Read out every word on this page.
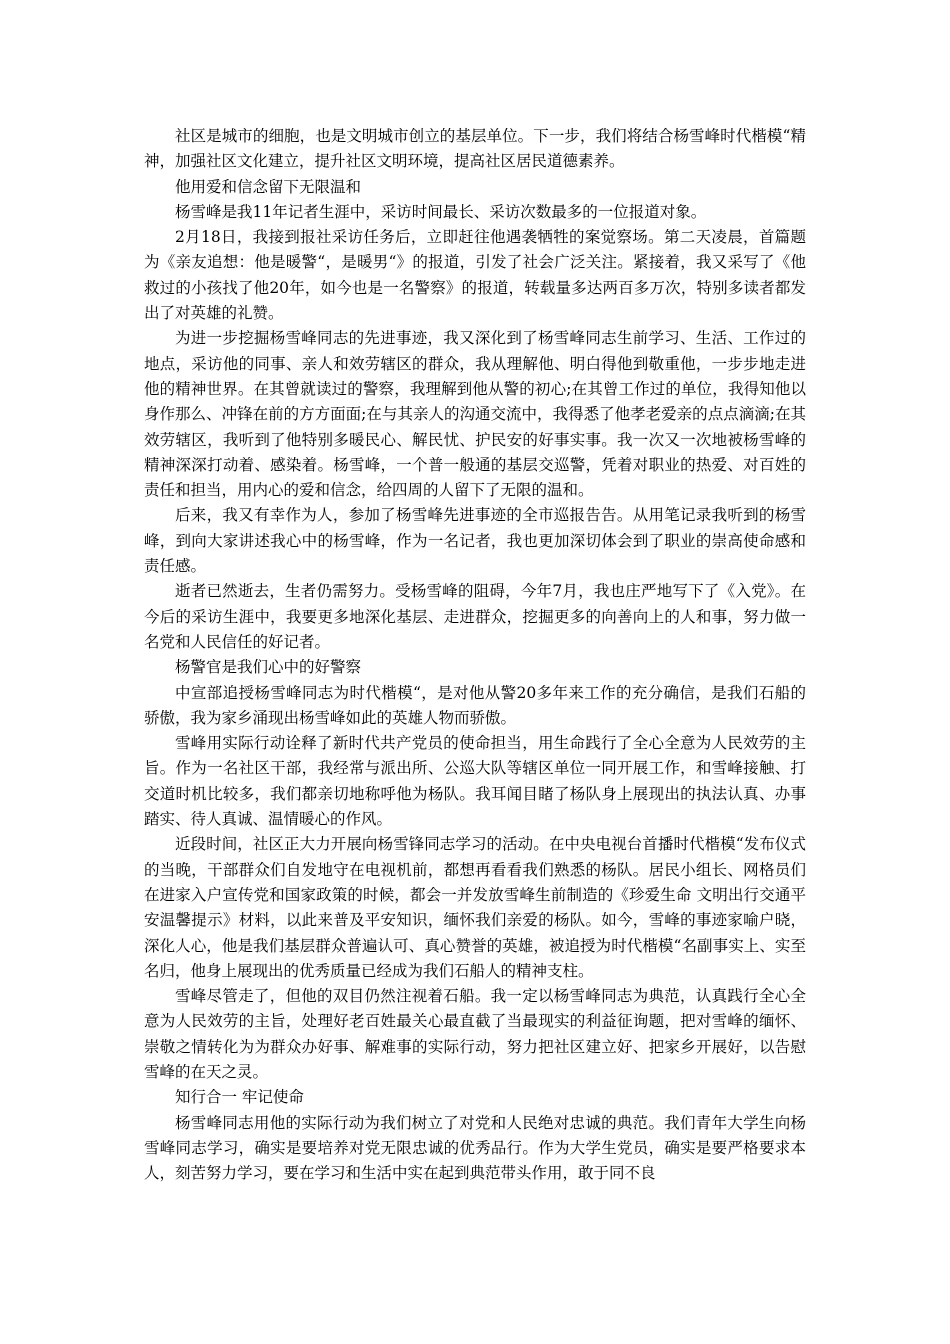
社区是城市的细胞，也是文明城市创立的基层单位。下一步，我们将结合杨雪峰时代楷模“精神，加强社区文化建立，提升社区文明环境，提高社区居民道德素养。

他用爱和信念留下无限温和

杨雪峰是我11年记者生涯中，采访时间最长、采访次数最多的一位报道对象。

2月18日，我接到报社采访任务后，立即赶往他遇袭牺牲的案觉察场。第二天凌晨，首篇题为《亲友追想：他是暖警“，是暖男“》的报道，引发了社会广泛关注。紧接着，我又采写了《他救过的小孩找了他20年，如今也是一名警察》的报道，转载量多达两百多万次，特别多读者都发出了对英雄的礼赞。

为进一步挖掘杨雪峰同志的先进事迹，我又深化到了杨雪峰同志生前学习、生活、工作过的地点，采访他的同事、亲人和效劳辖区的群众，我从理解他、明白得他到敬重他，一步步地走进他的精神世界。在其曾就读过的警察，我理解到他从警的初心;在其曾工作过的单位，我得知他以身作那么、冲锋在前的方方面面;在与其亲人的沟通交流中，我得悉了他孝老爱亲的点点滴滴;在其效劳辖区，我听到了他特别多暖民心、解民忧、护民安的好事实事。我一次又一次地被杨雪峰的精神深深打动着、感染着。杨雪峰，一个普一般通的基层交巡警，凭着对职业的热爱、对百姓的责任和担当，用内心的爱和信念，给四周的人留下了无限的温和。

后来，我又有幸作为人，参加了杨雪峰先进事迹的全市巡报告告。从用笔记录我听到的杨雪峰，到向大家讲述我心中的杨雪峰，作为一名记者，我也更加深切体会到了职业的崇高使命感和责任感。

逝者已然逝去，生者仍需努力。受杨雪峰的阻碍，今年7月，我也庄严地写下了《入党》。在今后的采访生涯中，我要更多地深化基层、走进群众，挖掘更多的向善向上的人和事，努力做一名党和人民信任的好记者。

杨警官是我们心中的好警察

中宣部追授杨雪峰同志为时代楷模“，是对他从警20多年来工作的充分确信，是我们石船的骄傲，我为家乡涌现出杨雪峰如此的英雄人物而骄傲。

雪峰用实际行动诠释了新时代共产党员的使命担当，用生命践行了全心全意为人民效劳的主旨。作为一名社区干部，我经常与派出所、公巡大队等辖区单位一同开展工作，和雪峰接触、打交道时机比较多，我们都亲切地称呼他为杨队。我耳闻目睹了杨队身上展现出的执法认真、办事踏实、待人真诚、温情暖心的作风。

近段时间，社区正大力开展向杨雪锋同志学习的活动。在中央电视台首播时代楷模“发布仪式的当晚，干部群众们自发地守在电视机前，都想再看看我们熟悉的杨队。居民小组长、网格员们在进家入户宣传党和国家政策的时候，都会一并发放雪峰生前制造的《珍爱生命 文明出行交通平安温馨提示》材料，以此来普及平安知识，缅怀我们亲爱的杨队。如今，雪峰的事迹家喻户晓，深化人心，他是我们基层群众普遍认可、真心赞誉的英雄，被追授为时代楷模“名副事实上、实至名归，他身上展现出的优秀质量已经成为我们石船人的精神支柱。

雪峰尽管走了，但他的双目仍然注视着石船。我一定以杨雪峰同志为典范，认真践行全心全意为人民效劳的主旨，处理好老百姓最关心最直截了当最现实的利益征询题，把对雪峰的缅怀、崇敬之情转化为为群众办好事、解难事的实际行动，努力把社区建立好、把家乡开展好，以告慰雪峰的在天之灵。

知行合一 牢记使命

杨雪峰同志用他的实际行动为我们树立了对党和人民绝对忠诚的典范。我们青年大学生向杨雪峰同志学习，确实是要培养对党无限忠诚的优秀品行。作为大学生党员，确实是要严格要求本人，刻苦努力学习，要在学习和生活中实在起到典范带头作用，敢于同不良
